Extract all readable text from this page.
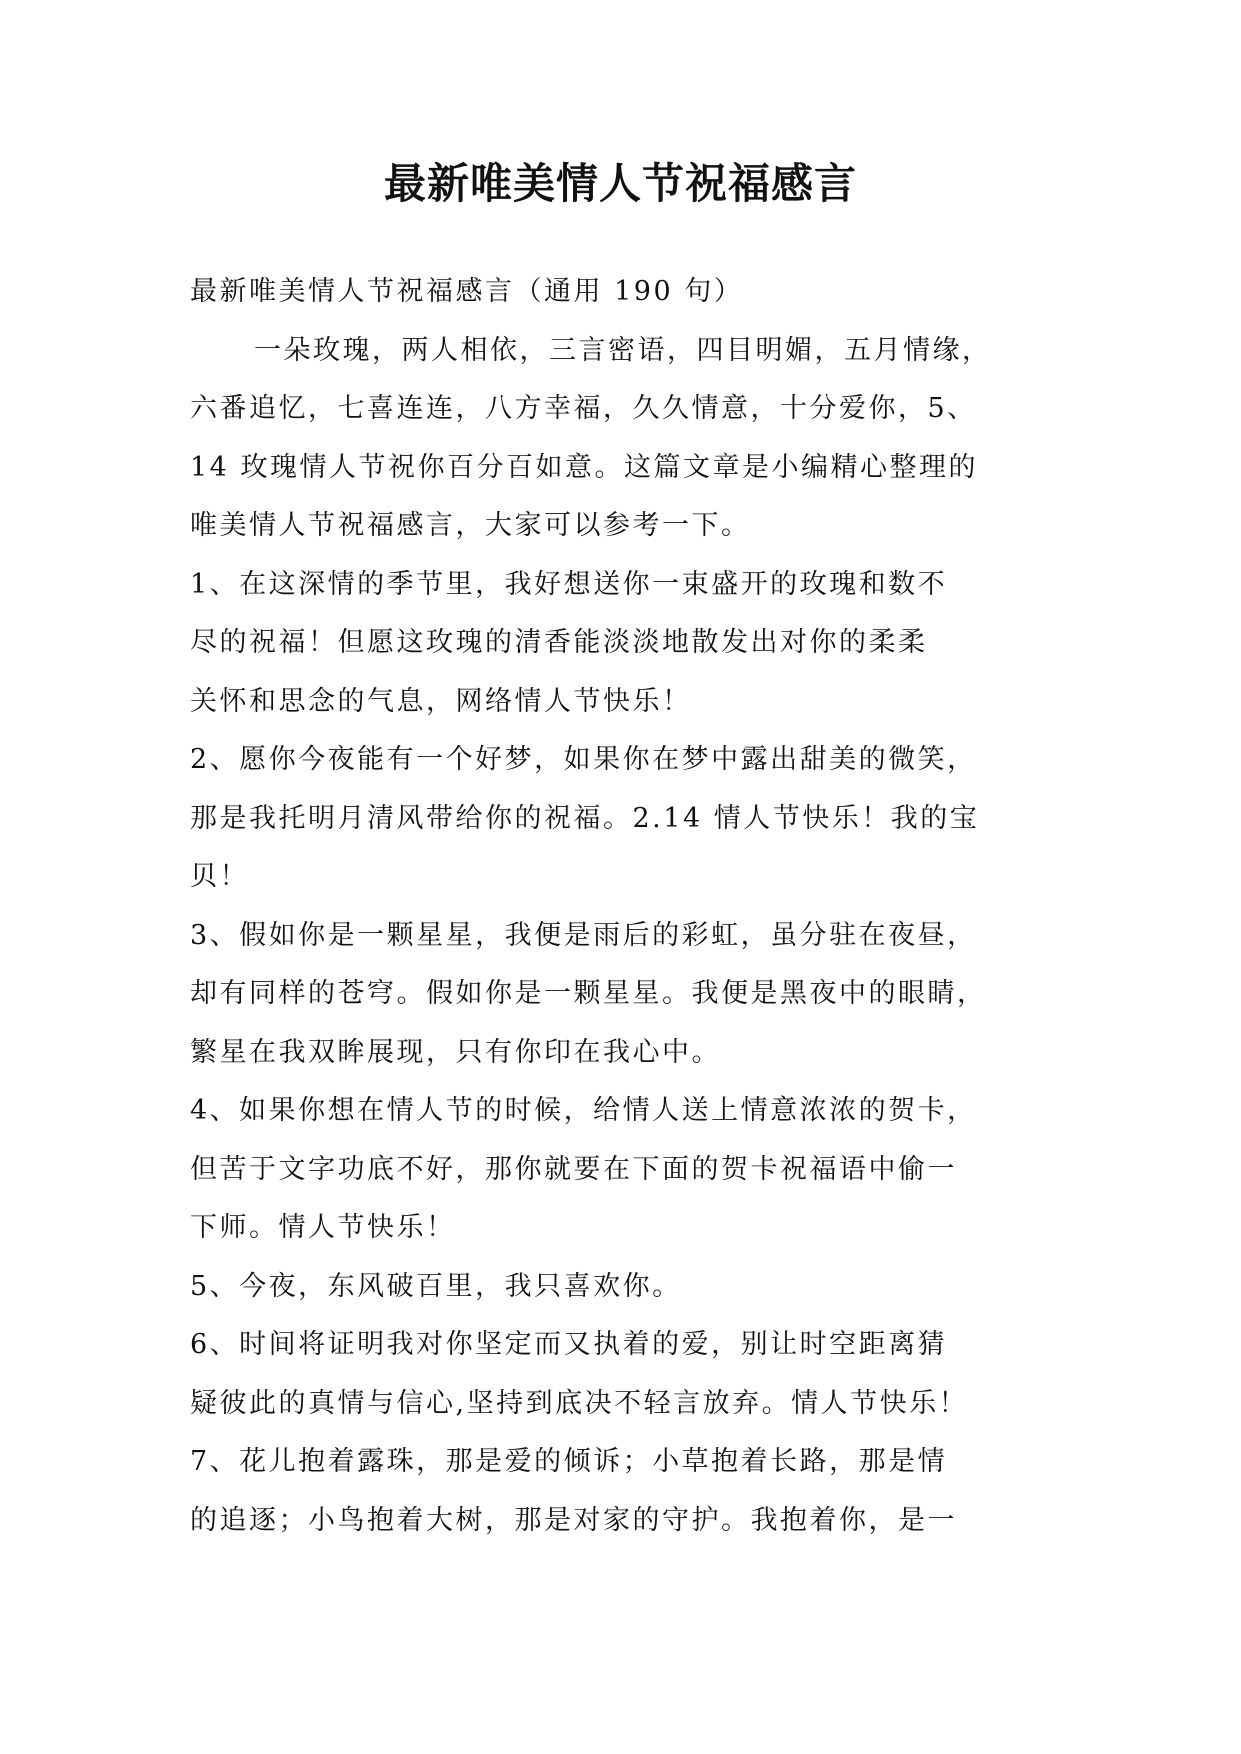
最新唯美情人节祝福感言
最新唯美情人节祝福感言（通用 190 句）
一朵玫瑰，两人相依，三言密语，四目明媚，五月情缘，
六番追忆，七喜连连，八方幸福，久久情意，十分爱你，5、
14 玫瑰情人节祝你百分百如意。这篇文章是小编精心整理的
唯美情人节祝福感言，大家可以参考一下。
1、在这深情的季节里，我好想送你一束盛开的玫瑰和数不
尽的祝福！但愿这玫瑰的清香能淡淡地散发出对你的柔柔
关怀和思念的气息，网络情人节快乐！
2、愿你今夜能有一个好梦，如果你在梦中露出甜美的微笑，
那是我托明月清风带给你的祝福。2.14 情人节快乐！我的宝
贝！
3、假如你是一颗星星，我便是雨后的彩虹，虽分驻在夜昼，
却有同样的苍穹。假如你是一颗星星。我便是黑夜中的眼睛，
繁星在我双眸展现，只有你印在我心中。
4、如果你想在情人节的时候，给情人送上情意浓浓的贺卡，
但苦于文字功底不好，那你就要在下面的贺卡祝福语中偷一
下师。情人节快乐！
5、今夜，东风破百里，我只喜欢你。
6、时间将证明我对你坚定而又执着的爱，别让时空距离猜
疑彼此的真情与信心,坚持到底决不轻言放弃。情人节快乐！
7、花儿抱着露珠，那是爱的倾诉；小草抱着长路，那是情
的追逐；小鸟抱着大树，那是对家的守护。我抱着你，是一
